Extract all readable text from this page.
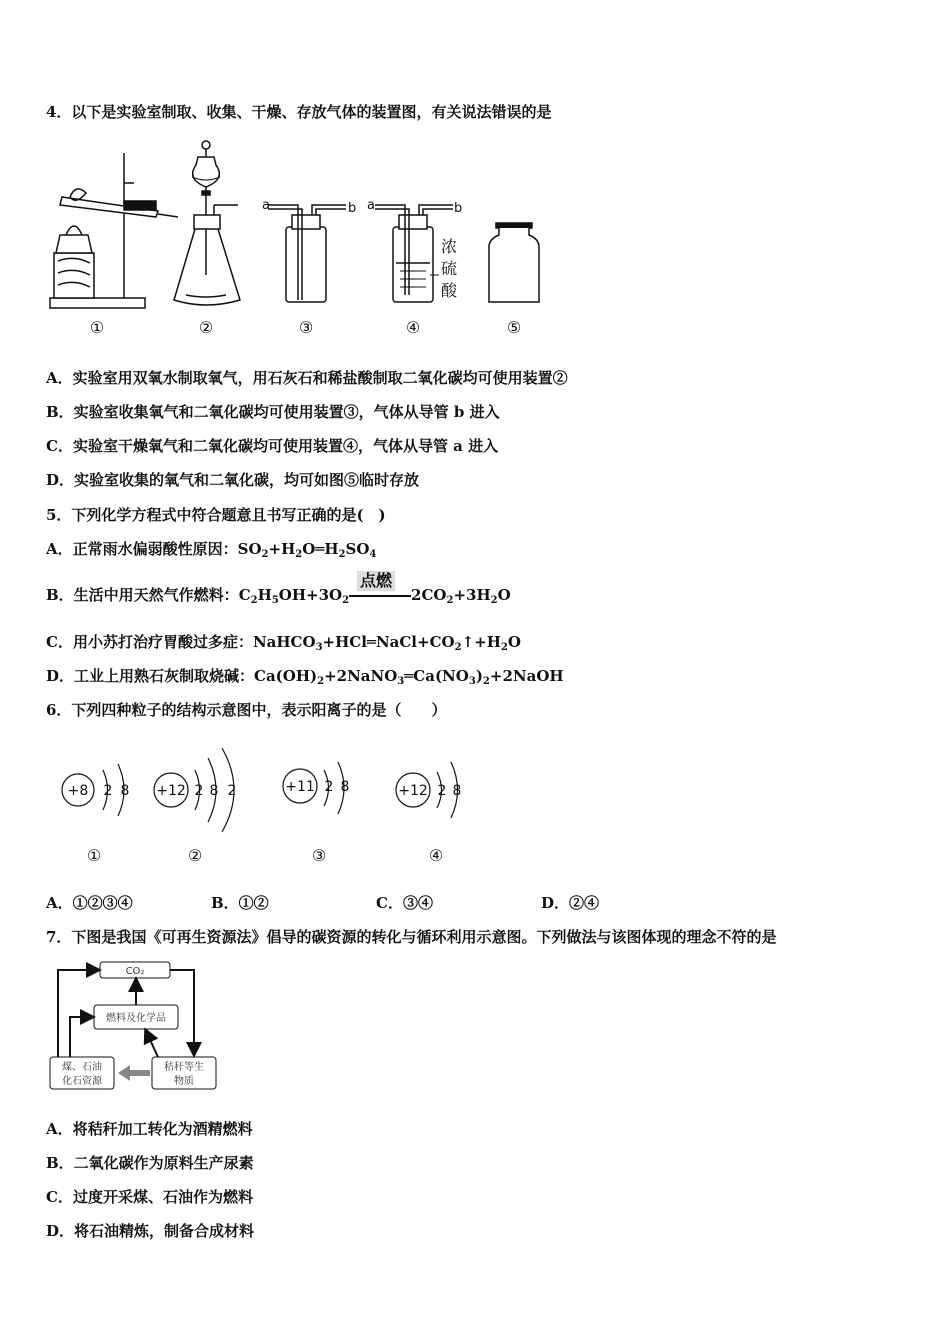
4．以下是实验室制取、收集、干燥、存放气体的装置图，有关说法错误的是
a	b a	b
浓
硫
酸
①	②	③	④	⑤
A．实验室用双氧水制取氧气，用石灰石和稀盐酸制取二氧化碳均可使用装置②
B．实验室收集氧气和二氧化碳均可使用装置③，气体从导管 b 进入
C．实验室干燥氧气和二氧化碳均可使用装置④，气体从导管 a 进入
D．实验室收集的氧气和二氧化碳，均可如图⑤临时存放
5．下列化学方程式中符合题意且书写正确的是(　)
A．正常雨水偏弱酸性原因：$SO_2+H_2O═H_2SO_4$
B．生活中用天然气作燃料：$C_2H_5OH+3O_2$
点燃
$2CO_2+3H_2O$
C．用小苏打治疗胃酸过多症：$NaHCO_3+HCl═NaCl+CO_2↑+H_2O$
D．工业上用熟石灰制取烧碱：$Ca(OH)_2+2NaNO_3═Ca(NO_3)_2+2NaOH$
6．下列四种粒子的结构示意图中，表示阳离子的是（　　）
+8 2 8 +12 2 8 2	+11 2 8	+12 2 8
①	②	③	④
A．①②③④	B．①②	C．③④	D．②④
7．下图是我国《可再生资源法》倡导的碳资源的转化与循环利用示意图。下列做法与该图体现的理念不符的是
CO₂
燃料及化学品
煤、石油
化石资源
秸秆等生
物质
A．将秸秆加工转化为酒精燃料
B．二氧化碳作为原料生产尿素
C．过度开采煤、石油作为燃料
D．将石油精炼，制备合成材料
